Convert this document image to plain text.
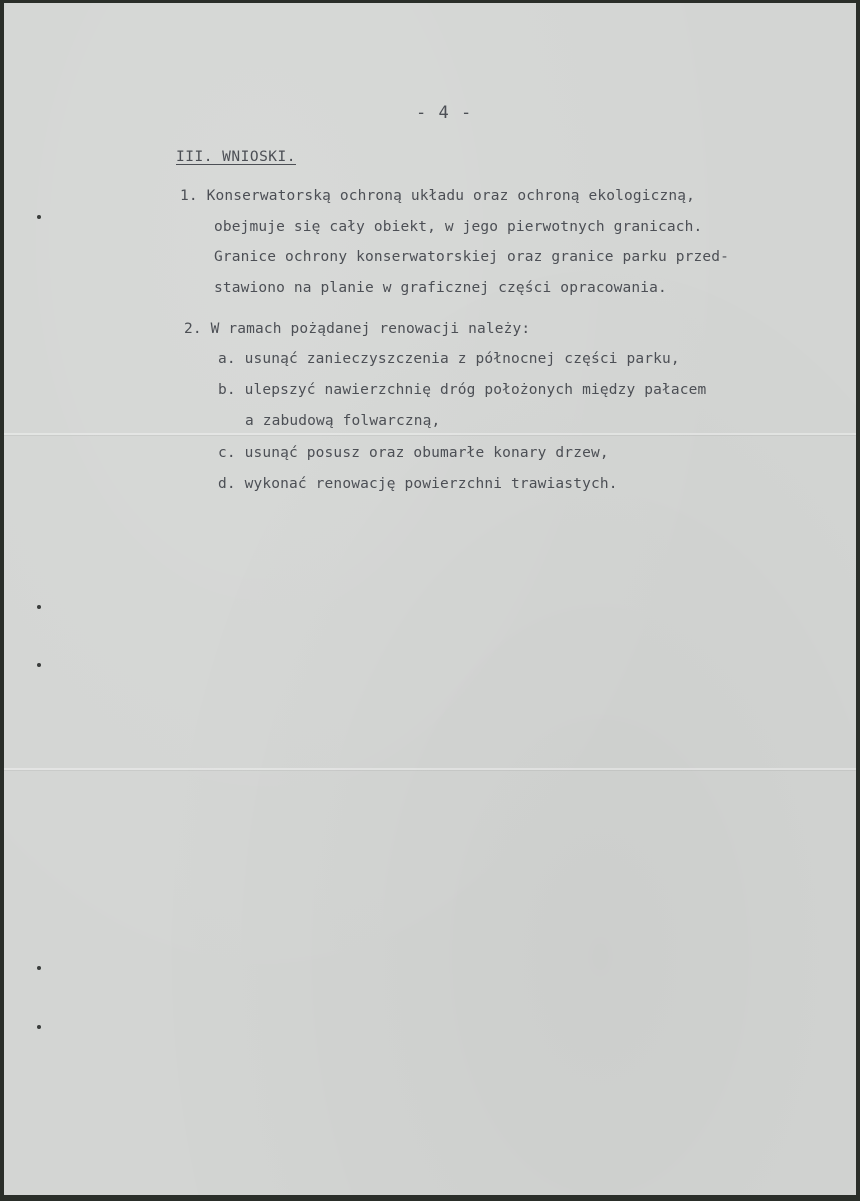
- 4 -
III. WNIOSKI.
1. Konserwatorską ochroną układu oraz ochroną ekologiczną,
obejmuje się cały obiekt, w jego pierwotnych granicach.
Granice ochrony konserwatorskiej oraz granice parku przed-
stawiono na planie w graficznej części opracowania.
2. W ramach pożądanej renowacji należy:
a. usunąć zanieczyszczenia z północnej części parku,
b. ulepszyć nawierzchnię dróg położonych między pałacem
a zabudową folwarczną,
c. usunąć posusz oraz obumarłe konary drzew,
d. wykonać renowację powierzchni trawiastych.
